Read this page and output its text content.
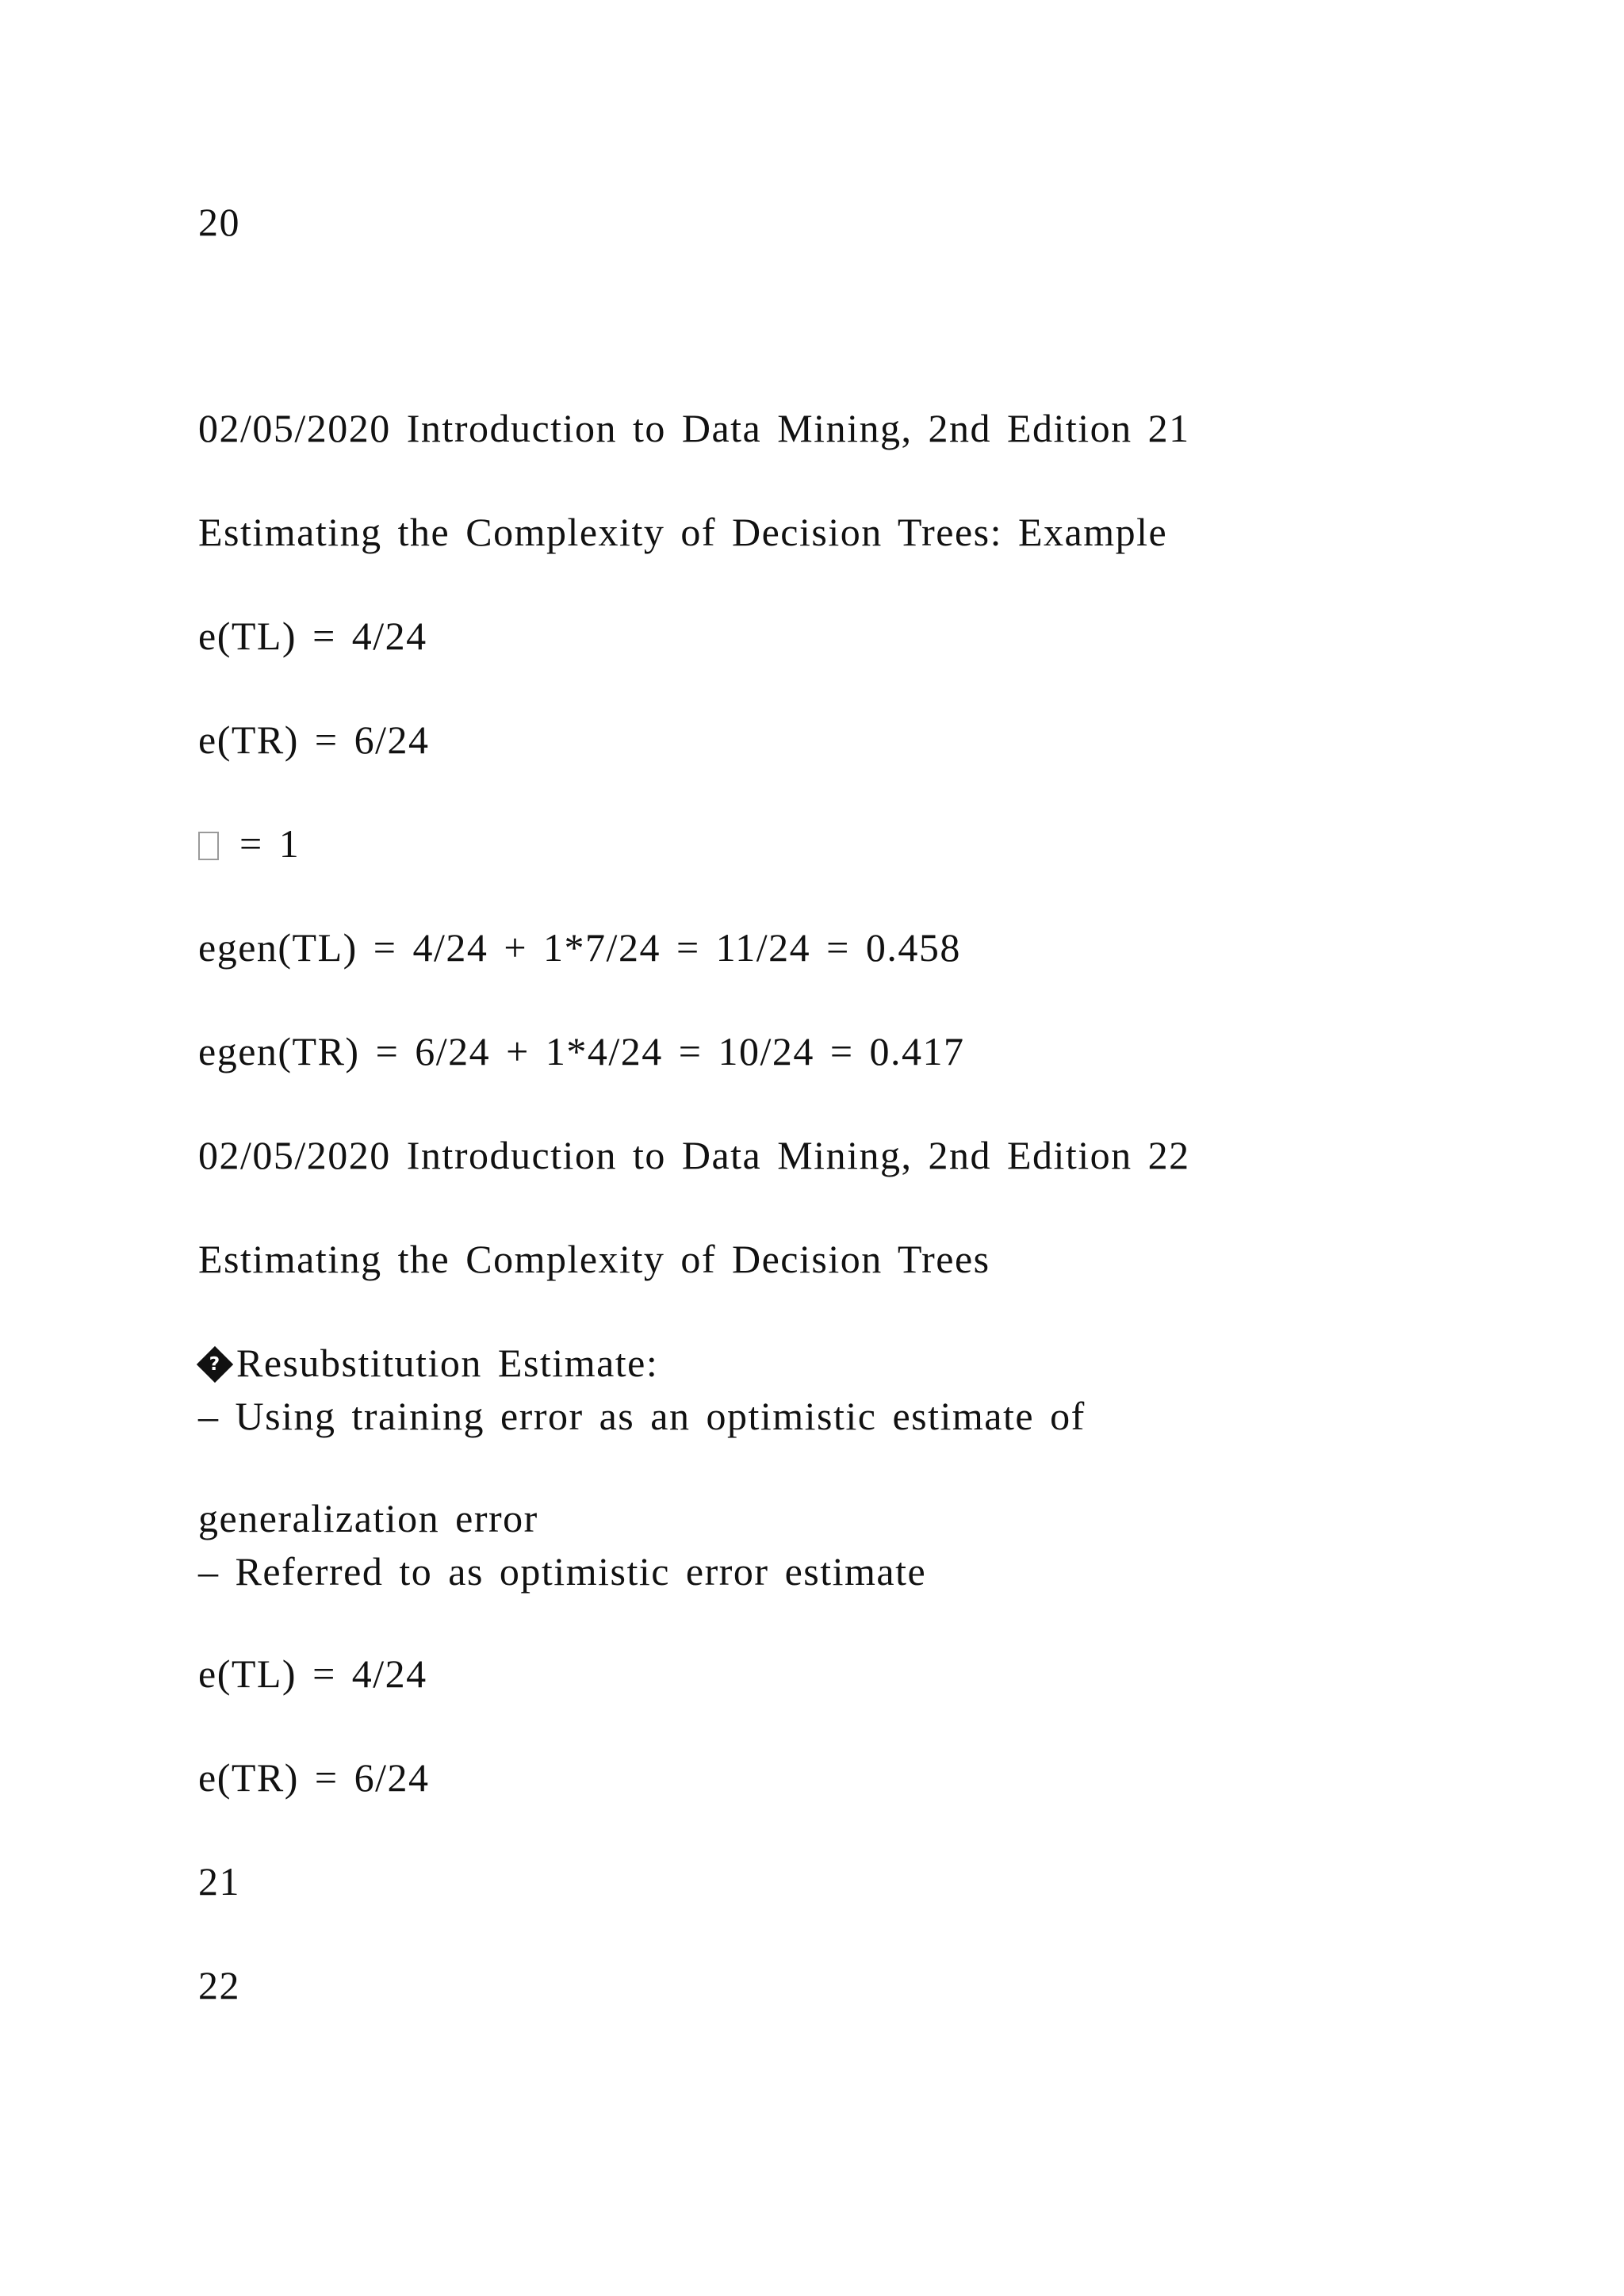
20

02/05/2020 Introduction to Data Mining, 2nd Edition 21

Estimating the Complexity of Decision Trees: Example

e(TL) = 4/24

e(TR) = 6/24

= 1

egen(TL) = 4/24 + 1*7/24 = 11/24 = 0.458

egen(TR) = 6/24 + 1*4/24 = 10/24 = 0.417

02/05/2020 Introduction to Data Mining, 2nd Edition 22

Estimating the Complexity of Decision Trees

?Resubstitution Estimate:

– Using training error as an optimistic estimate of

generalization error

– Referred to as optimistic error estimate

e(TL) = 4/24

e(TR) = 6/24

21

22
